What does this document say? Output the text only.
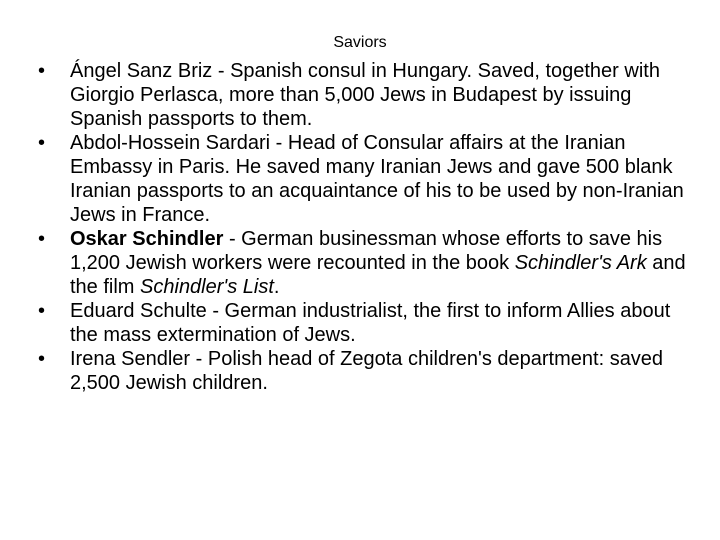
Saviors
•	Ángel Sanz Briz - Spanish consul in Hungary. Saved, together with Giorgio Perlasca, more than 5,000 Jews in Budapest by issuing Spanish passports to them.
•	Abdol-Hossein Sardari - Head of Consular affairs at the Iranian Embassy in Paris. He saved many Iranian Jews and gave 500 blank Iranian passports to an acquaintance of his to be used by non-Iranian Jews in France.
•	Oskar Schindler - German businessman whose efforts to save his 1,200 Jewish workers were recounted in the book Schindler's Ark and the film Schindler's List.
•	Eduard Schulte - German industrialist, the first to inform Allies about the mass extermination of Jews.
•	Irena Sendler - Polish head of Zegota children's department: saved 2,500 Jewish children.
